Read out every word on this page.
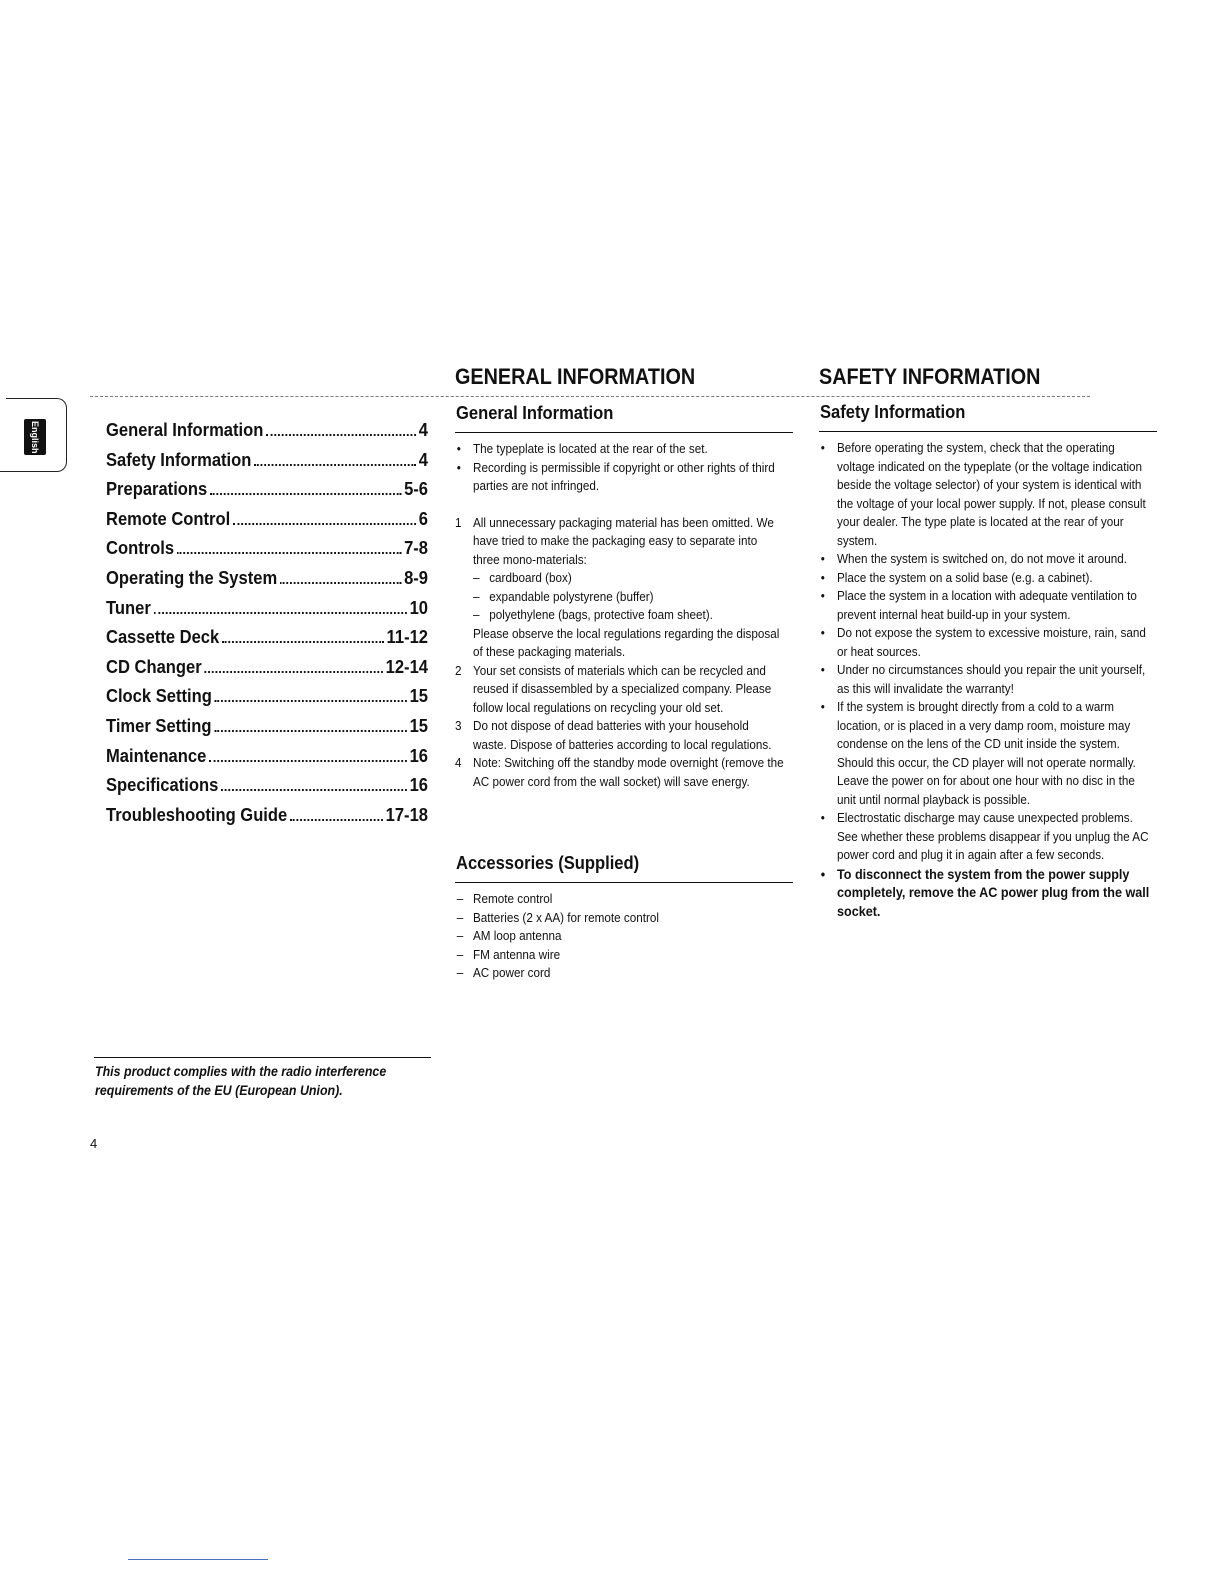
English	General Information	4
Safety Information	4
Preparations	5-6
Remote Control	6
Controls	7-8
Operating the System	8-9
Tuner	10
Cassette Deck	11-12
CD Changer	12-14
Clock Setting	15
Timer Setting	15
Maintenance	16
Specifications	16
Troubleshooting Guide	17-18
GENERAL INFORMATION
General Information
• The typeplate is located at the rear of the set.
• Recording is permissible if copyright or other rights of third parties are not infringed.
1 All unnecessary packaging material has been omitted. We have tried to make the packaging easy to separate into three mono-materials:
– cardboard (box)
– expandable polystyrene (buffer)
– polyethylene (bags, protective foam sheet).
Please observe the local regulations regarding the disposal of these packaging materials.
2 Your set consists of materials which can be recycled and reused if disassembled by a specialized company. Please follow local regulations on recycling your old set.
3 Do not dispose of dead batteries with your household waste. Dispose of batteries according to local regulations.
4 Note: Switching off the standby mode overnight (remove the AC power cord from the wall socket) will save energy.
Accessories (Supplied)
– Remote control
– Batteries (2 x AA) for remote control
– AM loop antenna
– FM antenna wire
– AC power cord
SAFETY INFORMATION
Safety Information
• Before operating the system, check that the operating voltage indicated on the typeplate (or the voltage indication beside the voltage selector) of your system is identical with the voltage of your local power supply. If not, please consult your dealer. The type plate is located at the rear of your system.
• When the system is switched on, do not move it around.
• Place the system on a solid base (e.g. a cabinet).
• Place the system in a location with adequate ventilation to prevent internal heat build-up in your system.
• Do not expose the system to excessive moisture, rain, sand or heat sources.
• Under no circumstances should you repair the unit yourself, as this will invalidate the warranty!
• If the system is brought directly from a cold to a warm location, or is placed in a very damp room, moisture may condense on the lens of the CD unit inside the system. Should this occur, the CD player will not operate normally. Leave the power on for about one hour with no disc in the unit until normal playback is possible.
• Electrostatic discharge may cause unexpected problems. See whether these problems disappear if you unplug the AC power cord and plug it in again after a few seconds.
• To disconnect the system from the power supply completely, remove the AC power plug from the wall socket.
This product complies with the radio interference requirements of the EU (European Union).
4
